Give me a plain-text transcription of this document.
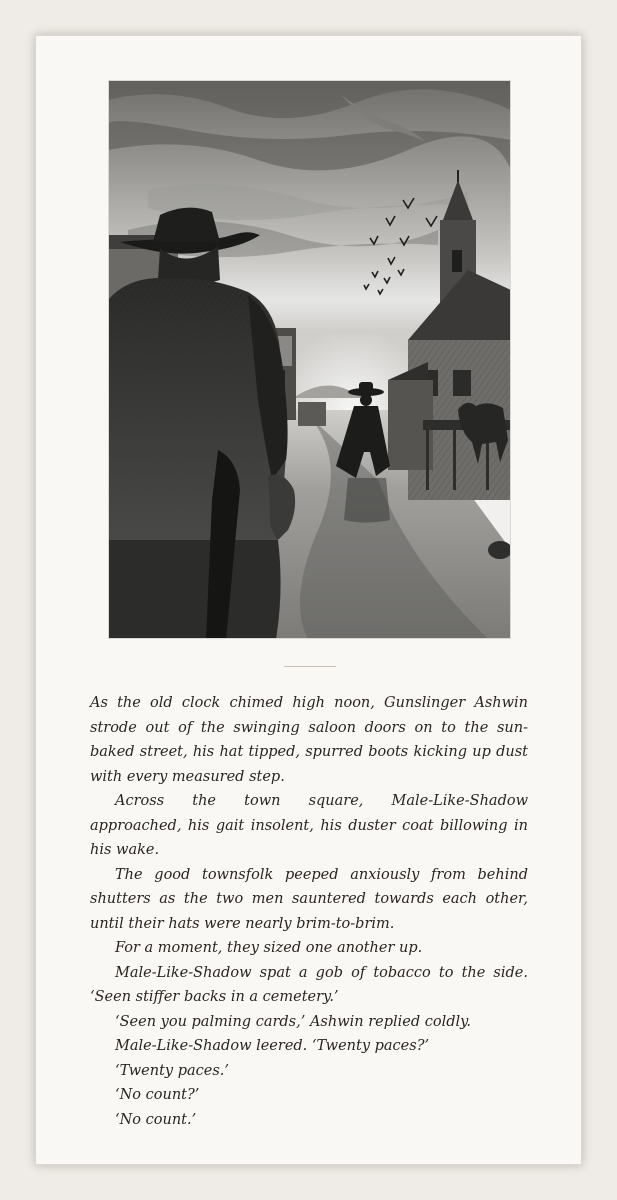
As the old clock chimed high noon, Gunslinger Ashwin strode out of the swinging saloon doors on to the sun-baked street, his hat tipped, spurred boots kicking up dust with every measured step.

Across the town square, Male-Like-Shadow approached, his gait insolent, his duster coat billowing in his wake.

The good townsfolk peeped anxiously from behind shutters as the two men sauntered towards each other, until their hats were nearly brim-to-brim.

For a moment, they sized one another up.

Male-Like-Shadow spat a gob of tobacco to the side. ‘Seen stiffer backs in a cemetery.’

‘Seen you palming cards,’ Ashwin replied coldly.

Male-Like-Shadow leered. ‘Twenty paces?’

‘Twenty paces.’

‘No count?’

‘No count.’
